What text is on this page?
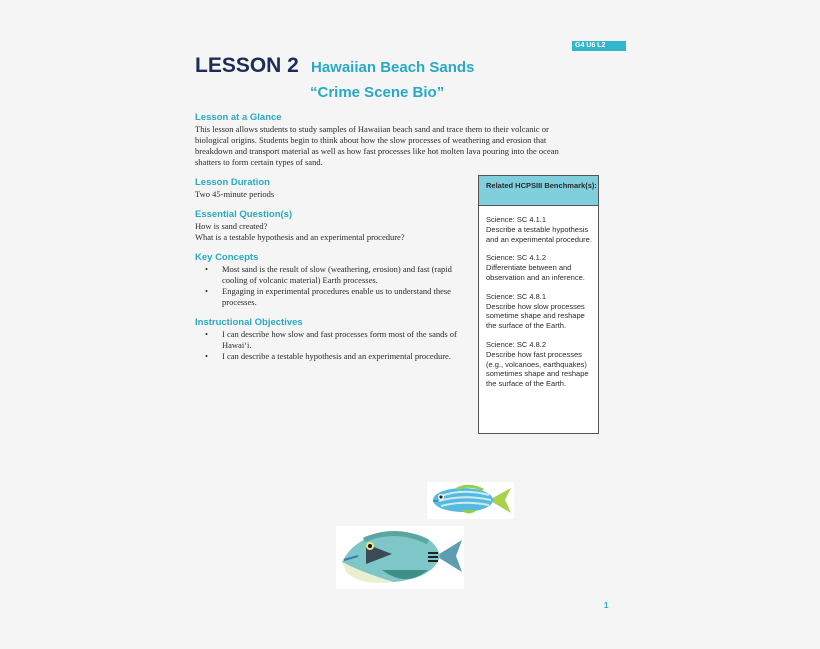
G4 U6 L2
LESSON 2 Hawaiian Beach Sands
“Crime Scene Bio”

Lesson at a Glance

This lesson allows students to study samples of Hawaiian beach sand and trace them to their volcanic or

biological origins. Students begin to think about how the slow processes of weathering and erosion that

breakdown and transport material as well as how fast processes like hot molten lava pouring into the ocean

shatters to form certain types of sand.

Lesson Duration

Two 45-minute periods

Essential Question(s)

How is sand created?

What is a testable hypothesis and an experimental procedure?

Key Concepts

• Most sand is the result of slow (weathering, erosion) and fast (rapid cooling of volcanic material) Earth processes.
• Engaging in experimental procedures enable us to understand these processes.

Instructional Objectives

• I can describe how slow and fast processes form most of the sands of Hawai‘i.
• I can describe a testable hypothesis and an experimental procedure.
Related HCPSIII Benchmark(s):
Science: SC 4.1.1
Describe a testable hypothesis and an experimental procedure.
Science: SC 4.1.2
Differentiate between and observation and an inference.
Science: SC 4.8.1
Describe how slow processes sometime shape and reshape the surface of the Earth.
Science: SC 4.8.2
Describe how fast processes (e.g., volcanoes, earthquakes) sometimes shape and reshape the surface of the Earth.
1
